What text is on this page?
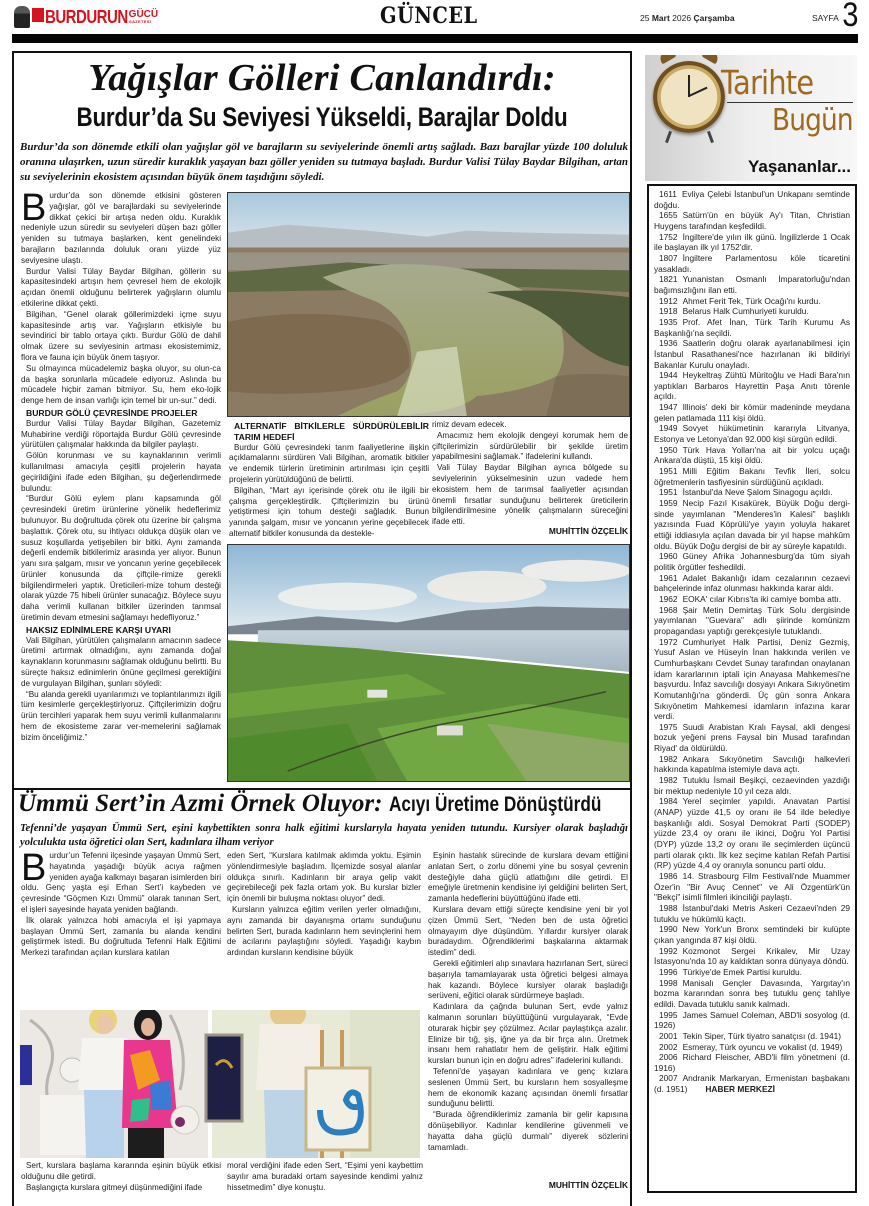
BURDURUN GÜCÜ
GAZETESİ	GÜNCEL	25 Mart 2026 Çarşamba	SAYFA 3
Yağışlar Gölleri Canlandırdı:
Burdur’da Su Seviyesi Yükseldi, Barajlar Doldu
Burdur’da son dönemde etkili olan yağışlar göl ve barajların su seviyelerinde önemli artış sağladı. Bazı barajlar yüzde 100 doluluk oranına ulaşırken, uzun süredir kuraklık yaşayan bazı göller yeniden su tutmaya başladı. Burdur Valisi Tülay Baydar Bilgihan, artan su seviyelerinin ekosistem açısından büyük önem taşıdığını söyledi.
B urdur’da son dönemde etkisini gösteren yağışlar, göl ve barajlardaki su seviyelerinde dikkat çekici bir artışa neden oldu. Kuraklık nedeniyle uzun süredir su seviyeleri düşen bazı göller yeniden su tutmaya başlarken, kent genelindeki barajların bazılarında doluluk oranı yüzde yüz seviyesine ulaştı.

Burdur Valisi Tülay Baydar Bilgihan, göllerin su kapasitesindeki artışın hem çevresel hem de ekolojik açıdan önemli olduğunu belirterek yağışların olumlu etkilerine dikkat çekti.

Bilgihan, “Genel olarak göllerimizdeki içme suyu kapasitesinde artış var. Yağışların etkisiyle bu sevindirici bir tablo ortaya çıktı. Burdur Gölü de dahil olmak üzere su seviyesinin artması ekosistemimiz, flora ve fauna için büyük önem taşıyor.

Su olmayınca mücadelemiz başka oluyor, su olun-ca da başka sorunlarla mücadele ediyoruz. Aslında bu mücadele hiçbir zaman bitmiyor. Su, hem eko-lojik denge hem de insan varlığı için temel bir un-sur.” dedi.

BURDUR GÖLÜ ÇEVRESİNDE PROJELER

Burdur Valisi Tülay Baydar Bilgihan, Gazetemiz Muhabirine verdiği röportajda Burdur Gölü çevresinde yürütülen çalışmalar hakkında da bilgiler paylaştı.

Gölün korunması ve su kaynaklarının verimli kullanılması amacıyla çeşitli projelerin hayata geçirildiğini ifade eden Bilgihan, şu değerlendirmede bulundu:

“Burdur Gölü eylem planı kapsamında göl çevresindeki üretim ürünlerine yönelik hedeflerimiz bulunuyor. Bu doğrultuda çörek otu üzerine bir çalışma başlattık. Çörek otu, su ihtiyacı oldukça düşük olan ve susuz koşullarda yetişebilen bir bitki. Aynı zamanda değerli endemik bitkilerimiz arasında yer alıyor. Bunun yanı sıra şalgam, mısır ve yoncanın yerine geçebilecek ürünler konusunda da çiftçile-rimize gerekli bilgilendirmeleri yaptık. Üreticileri-mize tohum desteği olarak yüzde 75 hibeli ürünler sunacağız. Böylece suyu daha verimli kullanan bitkiler üzerinden tarımsal üretimin devam etmesini sağlamayı hedefliyoruz.”

HAKSIZ EDİNİMLERE KARŞI UYARI

Vali Bilgihan, yürütülen çalışmaların amacının sadece üretimi artırmak olmadığını, aynı zamanda doğal kaynakların korunmasını sağlamak olduğunu belirtti. Bu süreçte haksız edinimlerin önüne geçilmesi gerektiğini de vurgulayan Bilgihan, şunları söyledi:

“Bu alanda gerekli uyarılarımızı ve toplantılarımızı ilgili tüm kesimlerle gerçekleştiriyoruz. Çiftçilerimizin doğru ürün tercihleri yaparak hem suyu verimli kullanmalarını hem de ekosisteme zarar ver-memelerini sağlamak bizim önceliğimiz.”

ALTERNATİF BİTKİLERLE SÜRDÜRÜLEBİLİR TARIM HEDEFİ

Burdur Gölü çevresindeki tarım faaliyetlerine ilişkin açıklamalarını sürdüren Vali Bilgihan, aromatik bitkiler ve endemik türlerin üretiminin artırılması için çeşitli projelerin yürütüldüğünü de belirtti.

Bilgihan, “Mart ayı içerisinde çörek otu ile ilgili bir çalışma gerçekleştirdik. Çiftçilerimizin bu ürünü yetiştirmesi için tohum desteği sağladık. Bunun yanında şalgam, mısır ve yoncanın yerine geçebilecek alternatif bitkiler konusunda da destekle-

rimiz devam edecek.

Amacımız hem ekolojik dengeyi korumak hem de çiftçilerimizin sürdürülebilir bir şekilde üretim yapabilmesini sağlamak.” ifadelerini kullandı.

Vali Tülay Baydar Bilgihan ayrıca bölgede su seviyelerinin yükselmesinin uzun vadede hem ekosistem hem de tarımsal faaliyetler açısından önemli fırsatlar sunduğunu belirterek üreticilerin bilgilendirilmesine yönelik çalışmaların süreceğini ifade etti.

MUHİTTİN ÖZÇELİK
Ümmü Sert’in Azmi Örnek Oluyor: Acıyı Üretime Dönüştürdü
Tefenni’de yaşayan Ümmü Sert, eşini kaybettikten sonra halk eğitimi kurslarıyla hayata yeniden tutundu. Kursiyer olarak başladığı yolculukta usta öğretici olan Sert, kadınlara ilham veriyor
B urdur’un Tefenni ilçesinde yaşayan Ümmü Sert, hayatında yaşadığı büyük acıya rağmen yeniden ayağa kalkmayı başaran isimlerden biri oldu. Genç yaşta eşi Erhan Sert’i kaybeden ve çevresinde “Göçmen Kızı Ümmü” olarak tanınan Sert, el işleri sayesinde hayata yeniden bağlandı.

İlk olarak yalnızca hobi amacıyla el işi yapmaya başlayan Ümmü Sert, zamanla bu alanda kendini geliştirmek istedi. Bu doğrultuda Tefenni Halk Eğitimi Merkezi tarafından açılan kurslara katılan

eden Sert, “Kurslara katılmak aklımda yoktu. Eşimin yönlendirmesiyle başladım. İlçemizde sosyal alanlar oldukça sınırlı. Kadınların bir araya gelip vakit geçirebileceği pek fazla ortam yok. Bu kurslar bizler için önemli bir buluşma noktası oluyor” dedi.

Kursların yalnızca eğitim verilen yerler olmadığını, aynı zamanda bir dayanışma ortamı sunduğunu belirten Sert, burada kadınların hem sevinçlerini hem de acılarını paylaştığını söyledi. Yaşadığı kaybın ardından kursların kendisine büyük

Eşinin hastalık sürecinde de kurslara devam ettiğini anlatan Sert, o zorlu dönemi yine bu sosyal çevrenin desteğiyle daha güçlü atlattığını dile getirdi. El emeğiyle üretmenin kendisine iyi geldiğini belirten Sert, zamanla hedeflerini büyüttüğünü ifade etti.

Kurslara devam ettiği süreçte kendisine yeni bir yol çizen Ümmü Sert, “Neden ben de usta öğretici olmayayım diye düşündüm. Yıllardır kursiyer olarak buradaydım. Öğrendiklerimi başkalarına aktarmak istedim” dedi.

Gerekli eğitimleri alıp sınavlara hazırlanan Sert, süreci başarıyla tamamlayarak usta öğretici belgesi almaya hak kazandı. Böylece kursiyer olarak başladığı serüveni, eğitici olarak sürdürmeye başladı.

Kadınlara da çağrıda bulunan Sert, evde yalnız kalmanın sorunları büyüttüğünü vurgulayarak, “Evde oturarak hiçbir şey çözülmez. Acılar paylaştıkça azalır. Elinize bir tığ, şiş, iğne ya da bir fırça alın. Üretmek insanı hem rahatlatır hem de geliştirir. Halk eğitimi kursları bunun için en doğru adres” ifadelerini kullandı.

Tefenni’de yaşayan kadınlara ve genç kızlara seslenen Ümmü Sert, bu kursların hem sosyalleşme hem de ekonomik kazanç açısından önemli fırsatlar sunduğunu belirtti.

“Burada öğrendiklerimiz zamanla bir gelir kapısına dönüşebiliyor. Kadınlar kendilerine güvenmeli ve hayatta daha güçlü durmalı” diyerek sözlerini tamamladı.

MUHİTTİN ÖZÇELİK

Sert, kurslara başlama kararında eşinin büyük etkisi olduğunu dile getirdi.

Başlangıçta kurslara gitmeyi düşünmediğini ifade

moral verdiğini ifade eden Sert, “Eşimi yeni kaybettim sayılır ama buradaki ortam sayesinde kendimi yalnız hissetmedim” diye konuştu.

Tarihte
Bugün
Yaşananlar...

1611 Evliya Çelebi İstanbul'un Unkapanı semtinde doğdu.

1655 Satürn'ün en büyük Ay'ı Titan, Christian Huygens tarafından keşfedildi.

1752 İngiltere'de yılın ilk günü. İngilizlerde 1 Ocak ile başlayan ilk yıl 1752'dir.

1807 İngiltere Parlamentosu köle ticaretini yasakladı.

1821 Yunanistan Osmanlı İmparatorluğu'ndan bağımsızlığını ilan etti.

1912 Ahmet Ferit Tek, Türk Ocağı'nı kurdu.

1918 Belarus Halk Cumhuriyeti kuruldu.

1935 Prof. Afet İnan, Türk Tarih Kurumu As Başkanlığı'na seçildi.

1936 Saatlerin doğru olarak ayarlanabilmesi için İstanbul Rasathanesi'nce hazırlanan iki bildiriyi Bakanlar Kurulu onayladı.

1944 Heykeltraş Zühtü Müritoğlu ve Hadi Bara'nın yaptıkları Barbaros Hayrettin Paşa Anıtı törenle açıldı.

1947 Illinois' deki bir kömür madeninde meydana gelen patlamada 111 kişi öldü.

1949 Sovyet hükümetinin kararıyla Litvanya, Estonya ve Letonya'dan 92.000 kişi sürgün edildi.

1950 Türk Hava Yolları'na ait bir yolcu uçağı Ankara'da düştü, 15 kişi öldü.

1951 Milli Eğitim Bakanı Tevfik İleri, solcu öğretmenlerin tasfiyesinin sürdüğünü açıkladı.

1951 İstanbul'da Neve Şalom Sinagogu açıldı.

1959 Necip Fazıl Kısakürek, Büyük Doğu dergi-sinde yayımlanan "Menderes'in Kalesi" başlıklı yazısında Fuad Köprülü'ye yayın yoluyla hakaret ettiği iddiasıyla açılan davada bir yıl hapse mahkûm oldu. Büyük Doğu dergisi de bir ay süreyle kapatıldı.

1960 Güney Afrika Johannesburg'da tüm siyah politik örgütler feshedildi.

1961 Adalet Bakanlığı idam cezalarının cezaevi bahçelerinde infaz olunması hakkında karar aldı.

1962 EOKA' cılar Kıbrıs'ta iki camiye bomba attı.

1968 Şair Metin Demirtaş Türk Solu dergisinde yayımlanan "Guevara" adlı şiirinde komünizm propagandası yaptığı gerekçesiyle tutuklandı.

1972 Cumhuriyet Halk Partisi, Deniz Gezmiş, Yusuf Aslan ve Hüseyin İnan hakkında verilen ve Cumhurbaşkanı Cevdet Sunay tarafından onaylanan idam kararlarının iptali için Anayasa Mahkemesi'ne başvurdu. İnfaz savcılığı dosyayı Ankara Sıkıyönetim Komutanlığı'na gönderdi. Üç gün sonra Ankara Sıkıyönetim Mahkemesi idamların infazına karar verdi.

1975 Suudi Arabistan Kralı Faysal, akli dengesi bozuk yeğeni prens Faysal bin Musad tarafından Riyad' da öldürüldü.

1982 Ankara Sıkıyönetim Savcılığı halkevleri hakkında kapatılma istemiyle dava açtı.

1982 Tutuklu İsmail Beşikçi, cezaevinden yazdığı bir mektup nedeniyle 10 yıl ceza aldı.

1984 Yerel seçimler yapıldı. Anavatan Partisi (ANAP) yüzde 41,5 oy oranı ile 54 ilde belediye başkanlığı aldı. Sosyal Demokrat Parti (SODEP) yüzde 23,4 oy oranı ile ikinci, Doğru Yol Partisi (DYP) yüzde 13,2 oy oranı ile seçimlerden üçüncü parti olarak çıktı. İlk kez seçime katılan Refah Partisi (RP) yüzde 4,4 oy oranıyla sonuncu parti oldu.

1986 14. Strasbourg Film Festivali'nde Muammer Özer'in "Bir Avuç Cennet" ve Ali Özgentürk'ün "Bekçi" isimli filmleri ikinciliği paylaştı.

1988 İstanbul'daki Metris Askeri Cezaevi'nden 29 tutuklu ve hükümlü kaçtı.

1990 New York'un Bronx semtindeki bir kulüpte çıkan yangında 87 kişi öldü.

1992 Kozmonot Sergei Krikalev, Mir Uzay İstasyonu'nda 10 ay kaldıktan sonra dünyaya döndü.

1996 Türkiye'de Emek Partisi kuruldu.

1998 Manisalı Gençler Davasında, Yargıtay'ın bozma kararından sonra beş tutuklu genç tahliye edildi. Davada tutuklu sanık kalmadı.

1995 James Samuel Coleman, ABD'li sosyolog (d. 1926)

2001 Tekin Siper, Türk tiyatro sanatçısı (d. 1941)

2002 Esmeray, Türk oyuncu ve vokalist (d. 1949)

2006 Richard Fleischer, ABD'li film yönetmeni (d. 1916)

2007 Andranik Markaryan, Ermenistan başbakanı (d. 1951) HABER MERKEZİ
